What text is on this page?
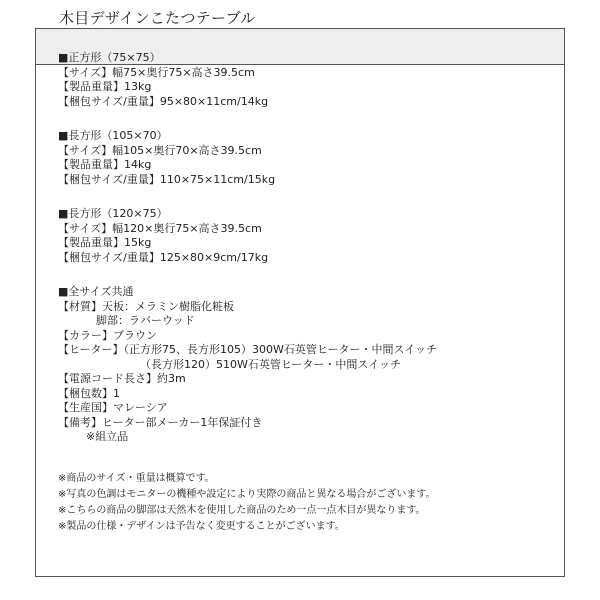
木目デザインこたつテーブル
■正方形（75×75）
【サイズ】幅75×奥行75×高さ39.5cm
【製品重量】13kg
【梱包サイズ/重量】95×80×11cm/14kg
■長方形（105×70）
【サイズ】幅105×奥行70×高さ39.5cm
【製品重量】14kg
【梱包サイズ/重量】110×75×11cm/15kg
■長方形（120×75）
【サイズ】幅120×奥行75×高さ39.5cm
【製品重量】15kg
【梱包サイズ/重量】125×80×9cm/17kg
■全サイズ共通
【材質】天板：メラミン樹脂化粧板
脚部：ラバーウッド
【カラー】ブラウン
【ヒーター】（正方形75、長方形105）300W石英管ヒーター・中間スイッチ
（長方形120）510W石英管ヒーター・中間スイッチ
【電源コード長さ】約3m
【梱包数】1
【生産国】マレーシア
【備考】ヒーター部メーカー1年保証付き
※組立品
※商品のサイズ・重量は概算です。
※写真の色調はモニターの機種や設定により実際の商品と異なる場合がございます。
※こちらの商品の脚部は天然木を使用した商品のため一点一点木目が異なります。
※製品の仕様・デザインは予告なく変更することがございます。
